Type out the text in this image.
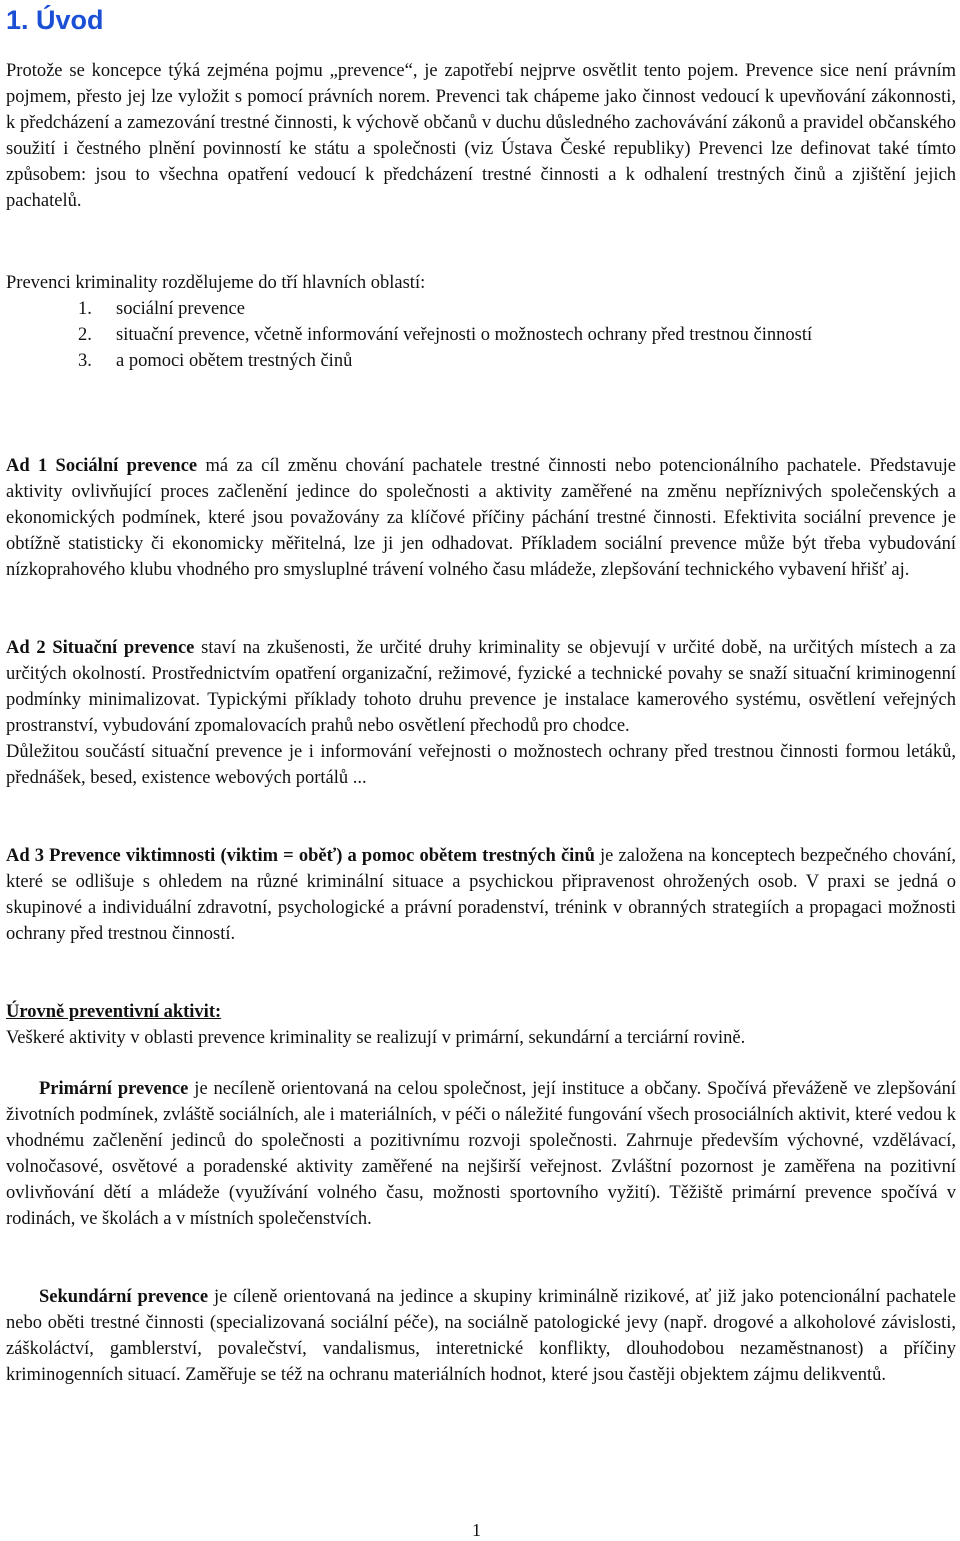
1. Úvod

Protože se koncepce týká zejména pojmu „prevence“, je zapotřebí nejprve osvětlit tento pojem. Prevence sice není právním pojmem, přesto jej lze vyložit s pomocí právních norem. Prevenci tak chápeme jako činnost vedoucí k upevňování zákonnosti, k předcházení a zamezování trestné činnosti, k výchově občanů v duchu důsledného zachovávání zákonů a pravidel občanského soužití i čestného plnění povinností ke státu a společnosti (viz Ústava České republiky) Prevenci lze definovat také tímto způsobem: jsou to všechna opatření vedoucí k předcházení trestné činnosti a k odhalení trestných činů a zjištění jejich pachatelů.

Prevenci kriminality rozdělujeme do tří hlavních oblastí:

1.	sociální prevence
2.	situační prevence, včetně informování veřejnosti o možnostech ochrany před trestnou činností
3.	a pomoci obětem trestných činů

Ad 1 Sociální prevence má za cíl změnu chování pachatele trestné činnosti nebo potencionálního pachatele. Představuje aktivity ovlivňující proces začlenění jedince do společnosti a aktivity zaměřené na změnu nepříznivých společenských a ekonomických podmínek, které jsou považovány za klíčové příčiny páchání trestné činnosti. Efektivita sociální prevence je obtížně statisticky či ekonomicky měřitelná, lze ji jen odhadovat. Příkladem sociální prevence může být třeba vybudování nízkoprahového klubu vhodného pro smysluplné trávení volného času mládeže, zlepšování technického vybavení hřišť aj.

Ad 2 Situační prevence staví na zkušenosti, že určité druhy kriminality se objevují v určité době, na určitých místech a za určitých okolností. Prostřednictvím opatření organizační, režimové, fyzické a technické povahy se snaží situační kriminogenní podmínky minimalizovat. Typickými příklady tohoto druhu prevence je instalace kamerového systému, osvětlení veřejných prostranství, vybudování zpomalovacích prahů nebo osvětlení přechodů pro chodce.

Důležitou součástí situační prevence je i informování veřejnosti o možnostech ochrany před trestnou činnosti formou letáků, přednášek, besed, existence webových portálů ...

Ad 3 Prevence viktimnosti (viktim = oběť) a pomoc obětem trestných činů je založena na konceptech bezpečného chování, které se odlišuje s ohledem na různé kriminální situace a psychickou připravenost ohrožených osob. V praxi se jedná o skupinové a individuální zdravotní, psychologické a právní poradenství, trénink v obranných strategiích a propagaci možnosti ochrany před trestnou činností.

Úrovně preventivní aktivit:

Veškeré aktivity v oblasti prevence kriminality se realizují v primární, sekundární a terciární rovině.

Primární prevence je necíleně orientovaná na celou společnost, její instituce a občany. Spočívá převáženě ve zlepšování životních podmínek, zvláště sociálních, ale i materiálních, v péči o náležité fungování všech prosociálních aktivit, které vedou k vhodnému začlenění jedinců do společnosti a pozitivnímu rozvoji společnosti. Zahrnuje především výchovné, vzdělávací, volnočasové, osvětové a poradenské aktivity zaměřené na nejširší veřejnost. Zvláštní pozornost je zaměřena na pozitivní ovlivňování dětí a mládeže (využívání volného času, možnosti sportovního vyžití). Těžiště primární prevence spočívá v rodinách, ve školách a v místních společenstvích.

Sekundární prevence je cíleně orientovaná na jedince a skupiny kriminálně rizikové, ať již jako potencionální pachatele nebo oběti trestné činnosti (specializovaná sociální péče), na sociálně patologické jevy (např. drogové a alkoholové závislosti, záškoláctví, gamblerství, povalečství, vandalismus, interetnické konflikty, dlouhodobou nezaměstnanost) a příčiny kriminogenních situací. Zaměřuje se též na ochranu materiálních hodnot, které jsou častěji objektem zájmu delikventů.

1
